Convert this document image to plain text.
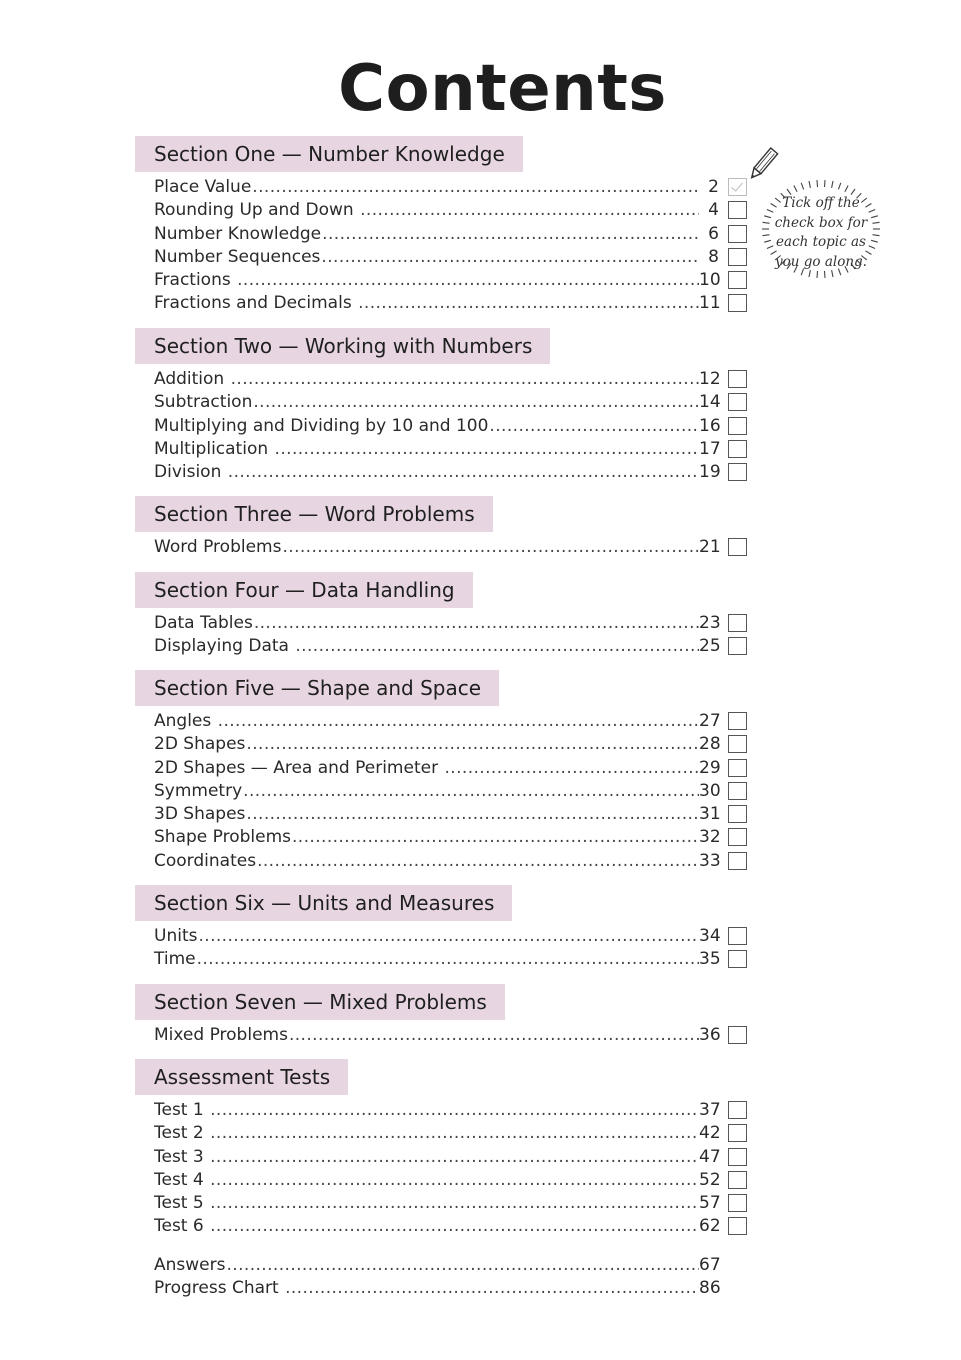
Contents
Tick off the check box for each topic as you go along.
Section One — Number Knowledge
Place Value .....	2
Rounding Up and Down .....	4
Number Knowledge .....	6
Number Sequences .....	8
Fractions .....	10
Fractions and Decimals .....	11
Section Two — Working with Numbers
Addition .....	12
Subtraction .....	14
Multiplying and Dividing by 10 and 100 .....	16
Multiplication .....	17
Division .....	19
Section Three — Word Problems
Word Problems .....	21
Section Four — Data Handling
Data Tables .....	23
Displaying Data .....	25
Section Five — Shape and Space
Angles .....	27
2D Shapes .....	28
2D Shapes — Area and Perimeter .....	29
Symmetry .....	30
3D Shapes .....	31
Shape Problems .....	32
Coordinates .....	33
Section Six — Units and Measures
Units .....	34
Time .....	35
Section Seven — Mixed Problems
Mixed Problems .....	36
Assessment Tests
Test 1 .....	37
Test 2 .....	42
Test 3 .....	47
Test 4 .....	52
Test 5 .....	57
Test 6 .....	62
Answers .....	67
Progress Chart .....	86
